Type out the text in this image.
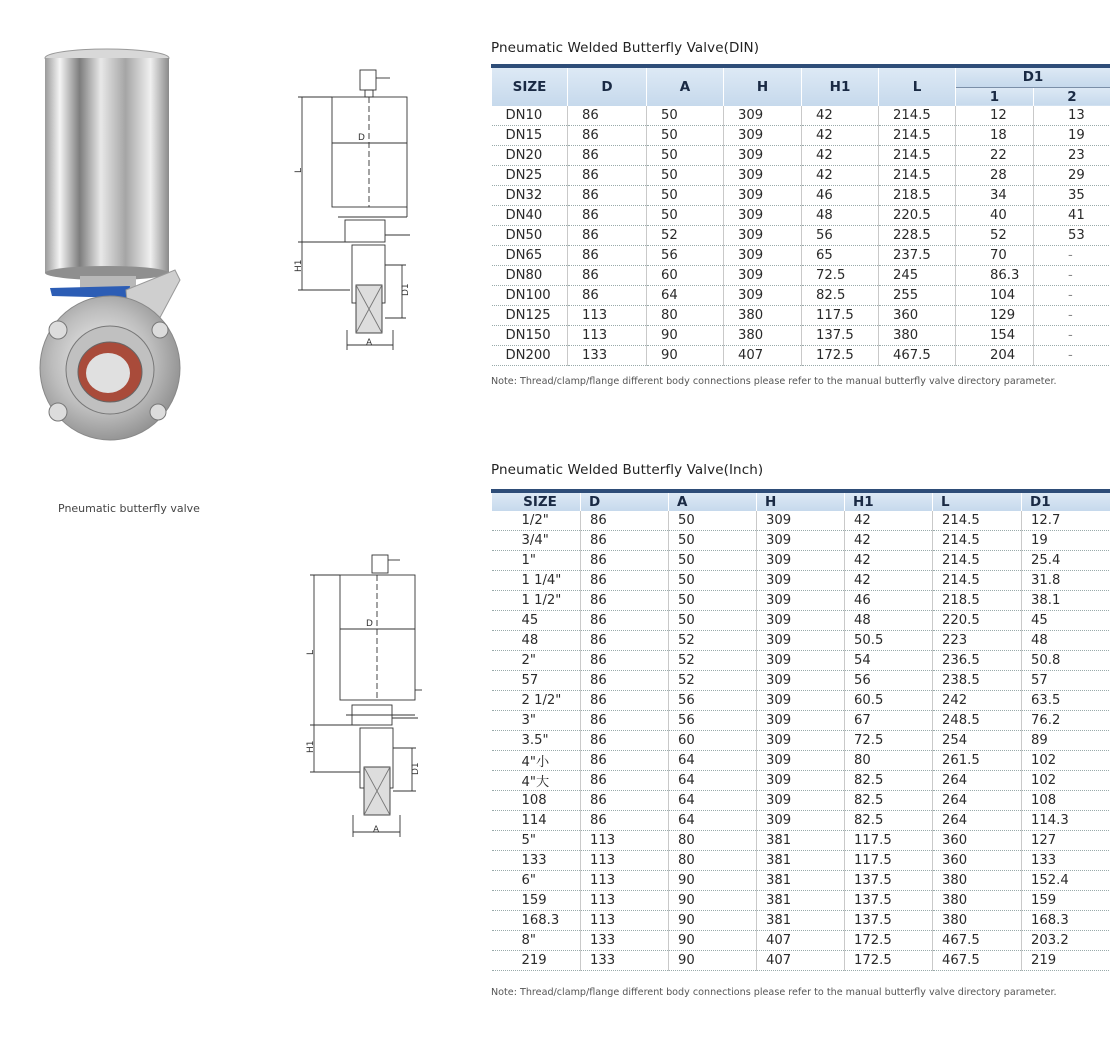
Pneumatic butterfly valve
L
D
H1
D1
A
L
D
H1
D1
A
Pneumatic Welded Butterfly Valve(DIN)
SIZE	D	A	H	H1	L	D1	
						1	2
DN10	86	50	309	42	214.5	12	13
DN15	86	50	309	42	214.5	18	19
DN20	86	50	309	42	214.5	22	23
DN25	86	50	309	42	214.5	28	29
DN32	86	50	309	46	218.5	34	35
DN40	86	50	309	48	220.5	40	41
DN50	86	52	309	56	228.5	52	53
DN65	86	56	309	65	237.5	70	-
DN80	86	60	309	72.5	245	86.3	-
DN100	86	64	309	82.5	255	104	-
DN125	113	80	380	117.5	360	129	-
DN150	113	90	380	137.5	380	154	-
DN200	133	90	407	172.5	467.5	204	-
Note: Thread/clamp/flange different body connections please refer to the manual butterfly valve directory parameter.
Pneumatic Welded Butterfly Valve(Inch)
SIZE	D	A	H	H1	L	D1
1/2"	86	50	309	42	214.5	12.7
3/4"	86	50	309	42	214.5	19
1"	86	50	309	42	214.5	25.4
1 1/4"	86	50	309	42	214.5	31.8
1 1/2"	86	50	309	46	218.5	38.1
45	86	50	309	48	220.5	45
48	86	52	309	50.5	223	48
2"	86	52	309	54	236.5	50.8
57	86	52	309	56	238.5	57
2 1/2"	86	56	309	60.5	242	63.5
3"	86	56	309	67	248.5	76.2
3.5"	86	60	309	72.5	254	89
4"小	86	64	309	80	261.5	102
4"大	86	64	309	82.5	264	102
108	86	64	309	82.5	264	108
114	86	64	309	82.5	264	114.3
5"	113	80	381	117.5	360	127
133	113	80	381	117.5	360	133
6"	113	90	381	137.5	380	152.4
159	113	90	381	137.5	380	159
168.3	113	90	381	137.5	380	168.3
8"	133	90	407	172.5	467.5	203.2
219	133	90	407	172.5	467.5	219
Note: Thread/clamp/flange different body connections please refer to the manual butterfly valve directory parameter.
